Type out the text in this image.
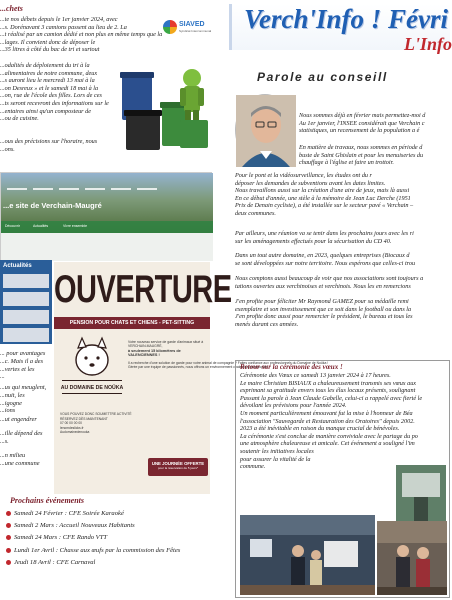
...chets
...te nos débets depuis le 1er janvier 2024, avec
...s. Dorénavant 3 camions passent au lieu de 2. La
...t réalisé par un camion dédié et non plus en même temps que la
...lages. Il convient donc de déposer le
...35 litres à côté du bac de tri et surtout
...odalités de déploiement du tri à la
...alimentaires de notre commune, deux
...s auront lieu le mercredi 13 mai à la
...on Desreux » et le samedi 18 mai à la
...on, rue de l'école des filles. Lors de ces
...ts seront recevront des informations sur le
...entaires ainsi qu'un composteur de
...ou de cuisine.
...ous des précisions sur l'horaire, nous
...ons.
SIAVED
Syndicat Intercommunal
...e site de Verchain-Maugré
Découvrir	Actualités	Vivre ensemble
Actualités
... pour avantages
...c. Mais il a des
...vertes et les
...
...us qui meuglent,
...nuit, les
...igogne
...ions
...ut engendrer
...ille dépend des
...s.
...n milieu
...une commune
OUVERTURE
PENSION POUR CHATS ET CHIENS - PET-SITTING
AU DOMAINE DE NOÜKA
Votre nouveau service de garde d'animaux situé à VERCHAIN-MAUGRÉ,
à seulement 15 kilomètres de VALENCIENNES !
Il a recherche d'une solution de garde pour votre animal de compagnie ? Faites confiance aux professionnels du Domaine de Noüka !
Gérée par une équipe de passionnés, nous offrons un environnement chaleureux et sécurisé.
VOUS POUVEZ DONC SOUMETTRE ACTIVITÉ
RÉSERVEZ DÈS MAINTENANT
07 00 00 00 00
lenomdeslicks.fr
Audomainedenouka
UNE JOURNÉE OFFERTE
pour la réservation de 5 jours*
Prochains événements
Samedi 24 Février : CFE Soirée Karaoké
Samedi 2 Mars : Accueil Nouveaux Habitants
Samedi 24 Mars : CFE Rando VTT
Lundi 1er Avril : Chasse aux œufs par la commission des Fêtes
Jeudi 18 Avril : CFE Carnaval
Verch'Info ! Févri
L'Info
Parole au conseill
Nous sommes déjà en février mais permettez-moi d
Au 1er janvier, l'INSEE considérait que Verchain c
statistiques, un recensement de la population a é
En matière de travaux, nous sommes en période d
buste de Saint Ghislain et pour les menuiseries du
chauffage à l'église et faire un trottoir.
Pour le pont et la vidéosurveillance, les études ont du r
déposer les demandes de subventions avant les dates limites.
Nous travaillons aussi sur la création d'une aire de jeux, mais là aussi
En ce début d'année, une stèle à la mémoire de Jean Luc Derche (1951
Prix de Denain cycliste), a été installée sur le secteur pavé « Verchain –
deux communes.
Par ailleurs, une réunion va se tenir dans les prochains jours avec les ri
sur les aménagements effectués pour la sécurisation du CD 40.
Dans un tout autre domaine, en 2023, quelques entreprises (Biocaux d
se sont développées sur notre territoire. Nous espérons que celles-ci trou
Nous comptons aussi beaucoup de voir que nos associations sont toujours a
tations ouvertes aux verchinoises et verchinois. Nous les en remercions
J'en profite pour féliciter Mr Raymond GAMEZ pour sa médaille remi
exemplaire et son investissement que ce soit dans le football ou dans la
J'en profite donc aussi pour remercier le président, le bureau et tous les
menés durant ces années.
Retour sur la cérémonie des vœux !
Cérémonie des Vœux ce samedi 13 janvier 2024 à 17 heures.
Le maire Christian BISIAUX a chaleureusement transmis ses vœux aux
exprimant sa gratitude envers tous les élus locaux présents, soulignant
Passant la parole à Jean Claude Gabelle, celui-ci a rappelé avec fierté le
dévoilant les prévisions pour l'année 2024.
Un moment particulièrement émouvant fut la mise à l'honneur de Béa
l'association "Sauvegarde et Restauration des Oratoires" depuis 2002.
2023 a été inévitable en raison du manque crucial de bénévoles.
La cérémonie s'est conclue de manière conviviale avec le partage du po
une atmosphère chaleureuse et amicale. Cet événement a souligné l'im
soutenir les initiatives locales
pour assurer la vitalité de la
commune.
